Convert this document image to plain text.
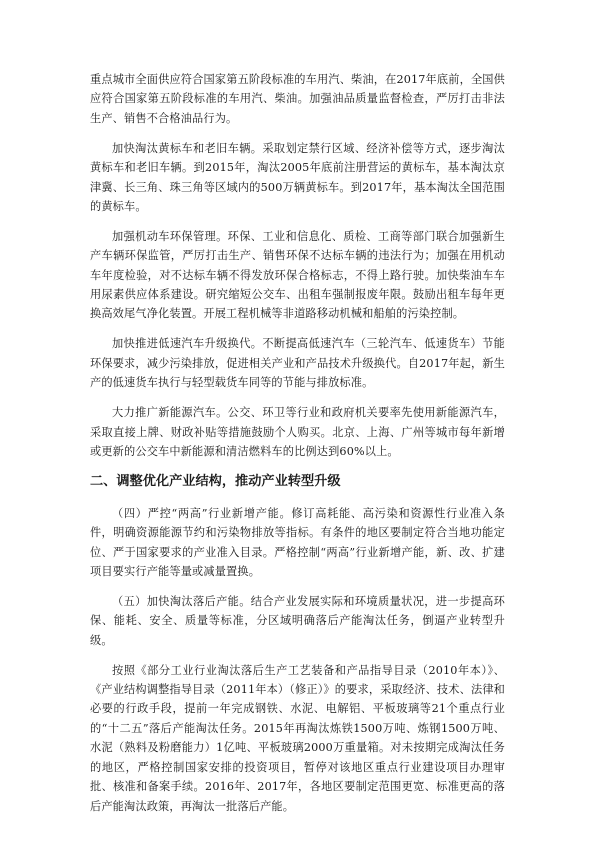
重点城市全面供应符合国家第五阶段标准的车用汽、柴油，在2017年底前，全国供应符合国家第五阶段标准的车用汽、柴油。加强油品质量监督检查，严厉打击非法生产、销售不合格油品行为。

加快淘汰黄标车和老旧车辆。采取划定禁行区域、经济补偿等方式，逐步淘汰黄标车和老旧车辆。到2015年，淘汰2005年底前注册营运的黄标车，基本淘汰京津冀、长三角、珠三角等区域内的500万辆黄标车。到2017年，基本淘汰全国范围的黄标车。

加强机动车环保管理。环保、工业和信息化、质检、工商等部门联合加强新生产车辆环保监管，严厉打击生产、销售环保不达标车辆的违法行为；加强在用机动车年度检验，对不达标车辆不得发放环保合格标志，不得上路行驶。加快柴油车车用尿素供应体系建设。研究缩短公交车、出租车强制报废年限。鼓励出租车每年更换高效尾气净化装置。开展工程机械等非道路移动机械和船舶的污染控制。

加快推进低速汽车升级换代。不断提高低速汽车（三轮汽车、低速货车）节能环保要求，减少污染排放，促进相关产业和产品技术升级换代。自2017年起，新生产的低速货车执行与轻型载货车同等的节能与排放标准。

大力推广新能源汽车。公交、环卫等行业和政府机关要率先使用新能源汽车，采取直接上牌、财政补贴等措施鼓励个人购买。北京、上海、广州等城市每年新增或更新的公交车中新能源和清洁燃料车的比例达到60%以上。

二、调整优化产业结构，推动产业转型升级

（四）严控“两高”行业新增产能。修订高耗能、高污染和资源性行业准入条件，明确资源能源节约和污染物排放等指标。有条件的地区要制定符合当地功能定位、严于国家要求的产业准入目录。严格控制“两高”行业新增产能，新、改、扩建项目要实行产能等量或减量置换。

（五）加快淘汰落后产能。结合产业发展实际和环境质量状况，进一步提高环保、能耗、安全、质量等标准，分区域明确落后产能淘汰任务，倒逼产业转型升级。

按照《部分工业行业淘汰落后生产工艺装备和产品指导目录（2010年本）》、《产业结构调整指导目录（2011年本）（修正）》的要求，采取经济、技术、法律和必要的行政手段，提前一年完成钢铁、水泥、电解铝、平板玻璃等21个重点行业的“十二五”落后产能淘汰任务。2015年再淘汰炼铁1500万吨、炼钢1500万吨、水泥（熟料及粉磨能力）1亿吨、平板玻璃2000万重量箱。对未按期完成淘汰任务的地区，严格控制国家安排的投资项目，暂停对该地区重点行业建设项目办理审批、核准和备案手续。2016年、2017年，各地区要制定范围更宽、标准更高的落后产能淘汰政策，再淘汰一批落后产能。
